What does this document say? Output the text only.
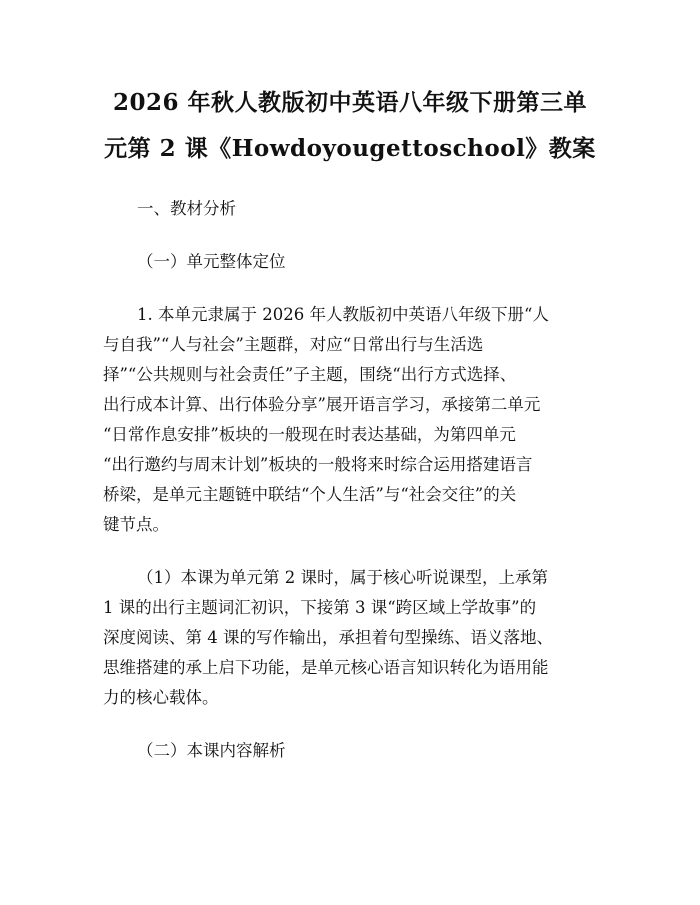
2026 年秋人教版初中英语八年级下册第三单
元第 2 课《Howdoyougettoschool》教案
一、教材分析
（一）单元整体定位
1. 本单元隶属于 2026 年人教版初中英语八年级下册“人
与自我”“人与社会”主题群，对应“日常出行与生活选
择”“公共规则与社会责任”子主题，围绕“出行方式选择、
出行成本计算、出行体验分享”展开语言学习，承接第二单元
“日常作息安排”板块的一般现在时表达基础，为第四单元
“出行邀约与周末计划”板块的一般将来时综合运用搭建语言
桥梁，是单元主题链中联结“个人生活”与“社会交往”的关
键节点。
（1）本课为单元第 2 课时，属于核心听说课型，上承第
1 课的出行主题词汇初识，下接第 3 课“跨区域上学故事”的
深度阅读、第 4 课的写作输出，承担着句型操练、语义落地、
思维搭建的承上启下功能，是单元核心语言知识转化为语用能
力的核心载体。
（二）本课内容解析
